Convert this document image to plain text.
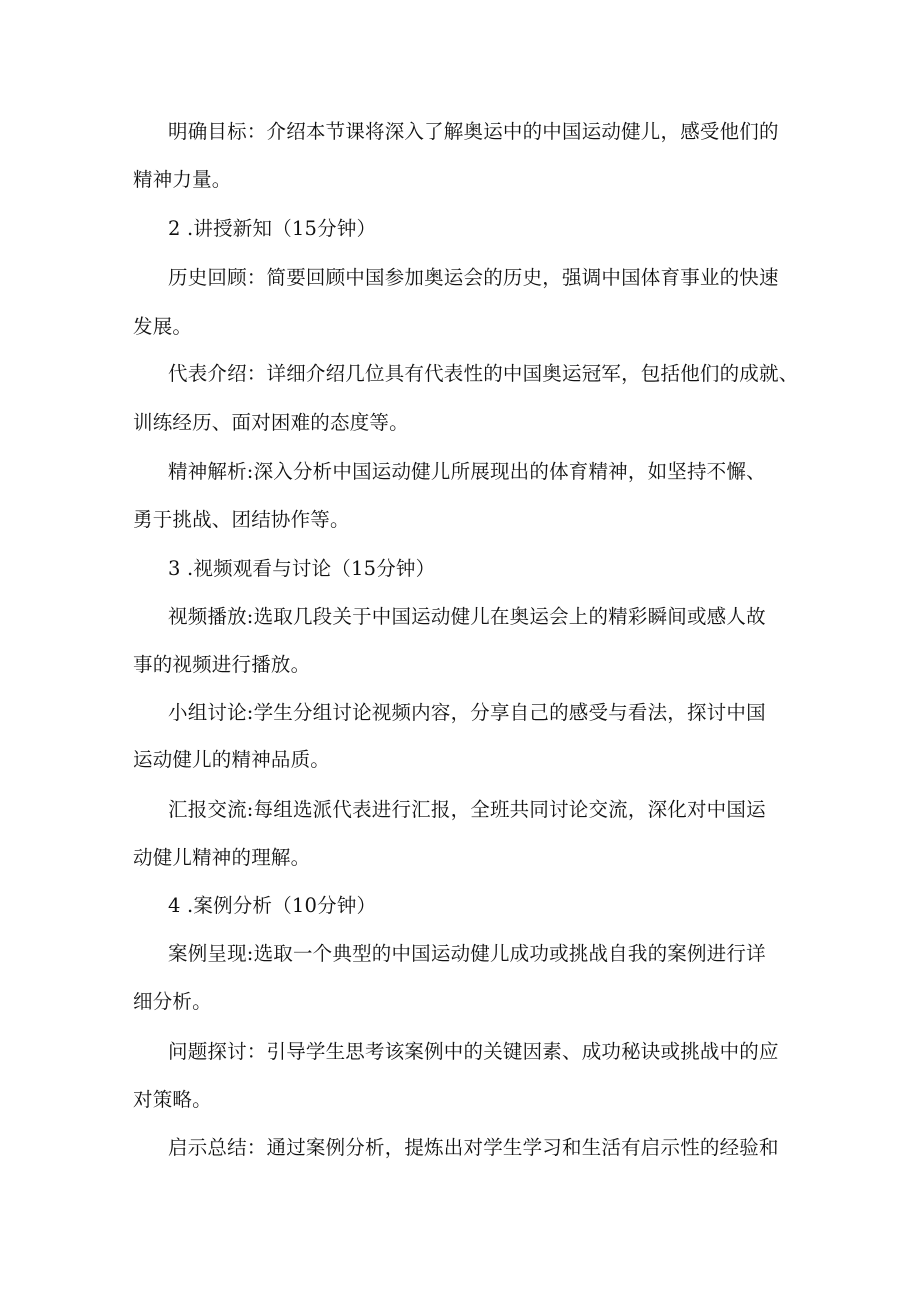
明确目标：介绍本节课将深入了解奥运中的中国运动健儿，感受他们的
精神力量。
2 .讲授新知（15分钟）
历史回顾：简要回顾中国参加奥运会的历史，强调中国体育事业的快速
发展。
代表介绍：详细介绍几位具有代表性的中国奥运冠军，包括他们的成就、
训练经历、面对困难的态度等。
精神解析:深入分析中国运动健儿所展现出的体育精神，如坚持不懈、
勇于挑战、团结协作等。
3 .视频观看与讨论（15分钟）
视频播放:选取几段关于中国运动健儿在奥运会上的精彩瞬间或感人故
事的视频进行播放。
小组讨论:学生分组讨论视频内容，分享自己的感受与看法，探讨中国
运动健儿的精神品质。
汇报交流:每组选派代表进行汇报，全班共同讨论交流，深化对中国运
动健儿精神的理解。
4 .案例分析（10分钟）
案例呈现:选取一个典型的中国运动健儿成功或挑战自我的案例进行详
细分析。
问题探讨：引导学生思考该案例中的关键因素、成功秘诀或挑战中的应
对策略。
启示总结：通过案例分析，提炼出对学生学习和生活有启示性的经验和
